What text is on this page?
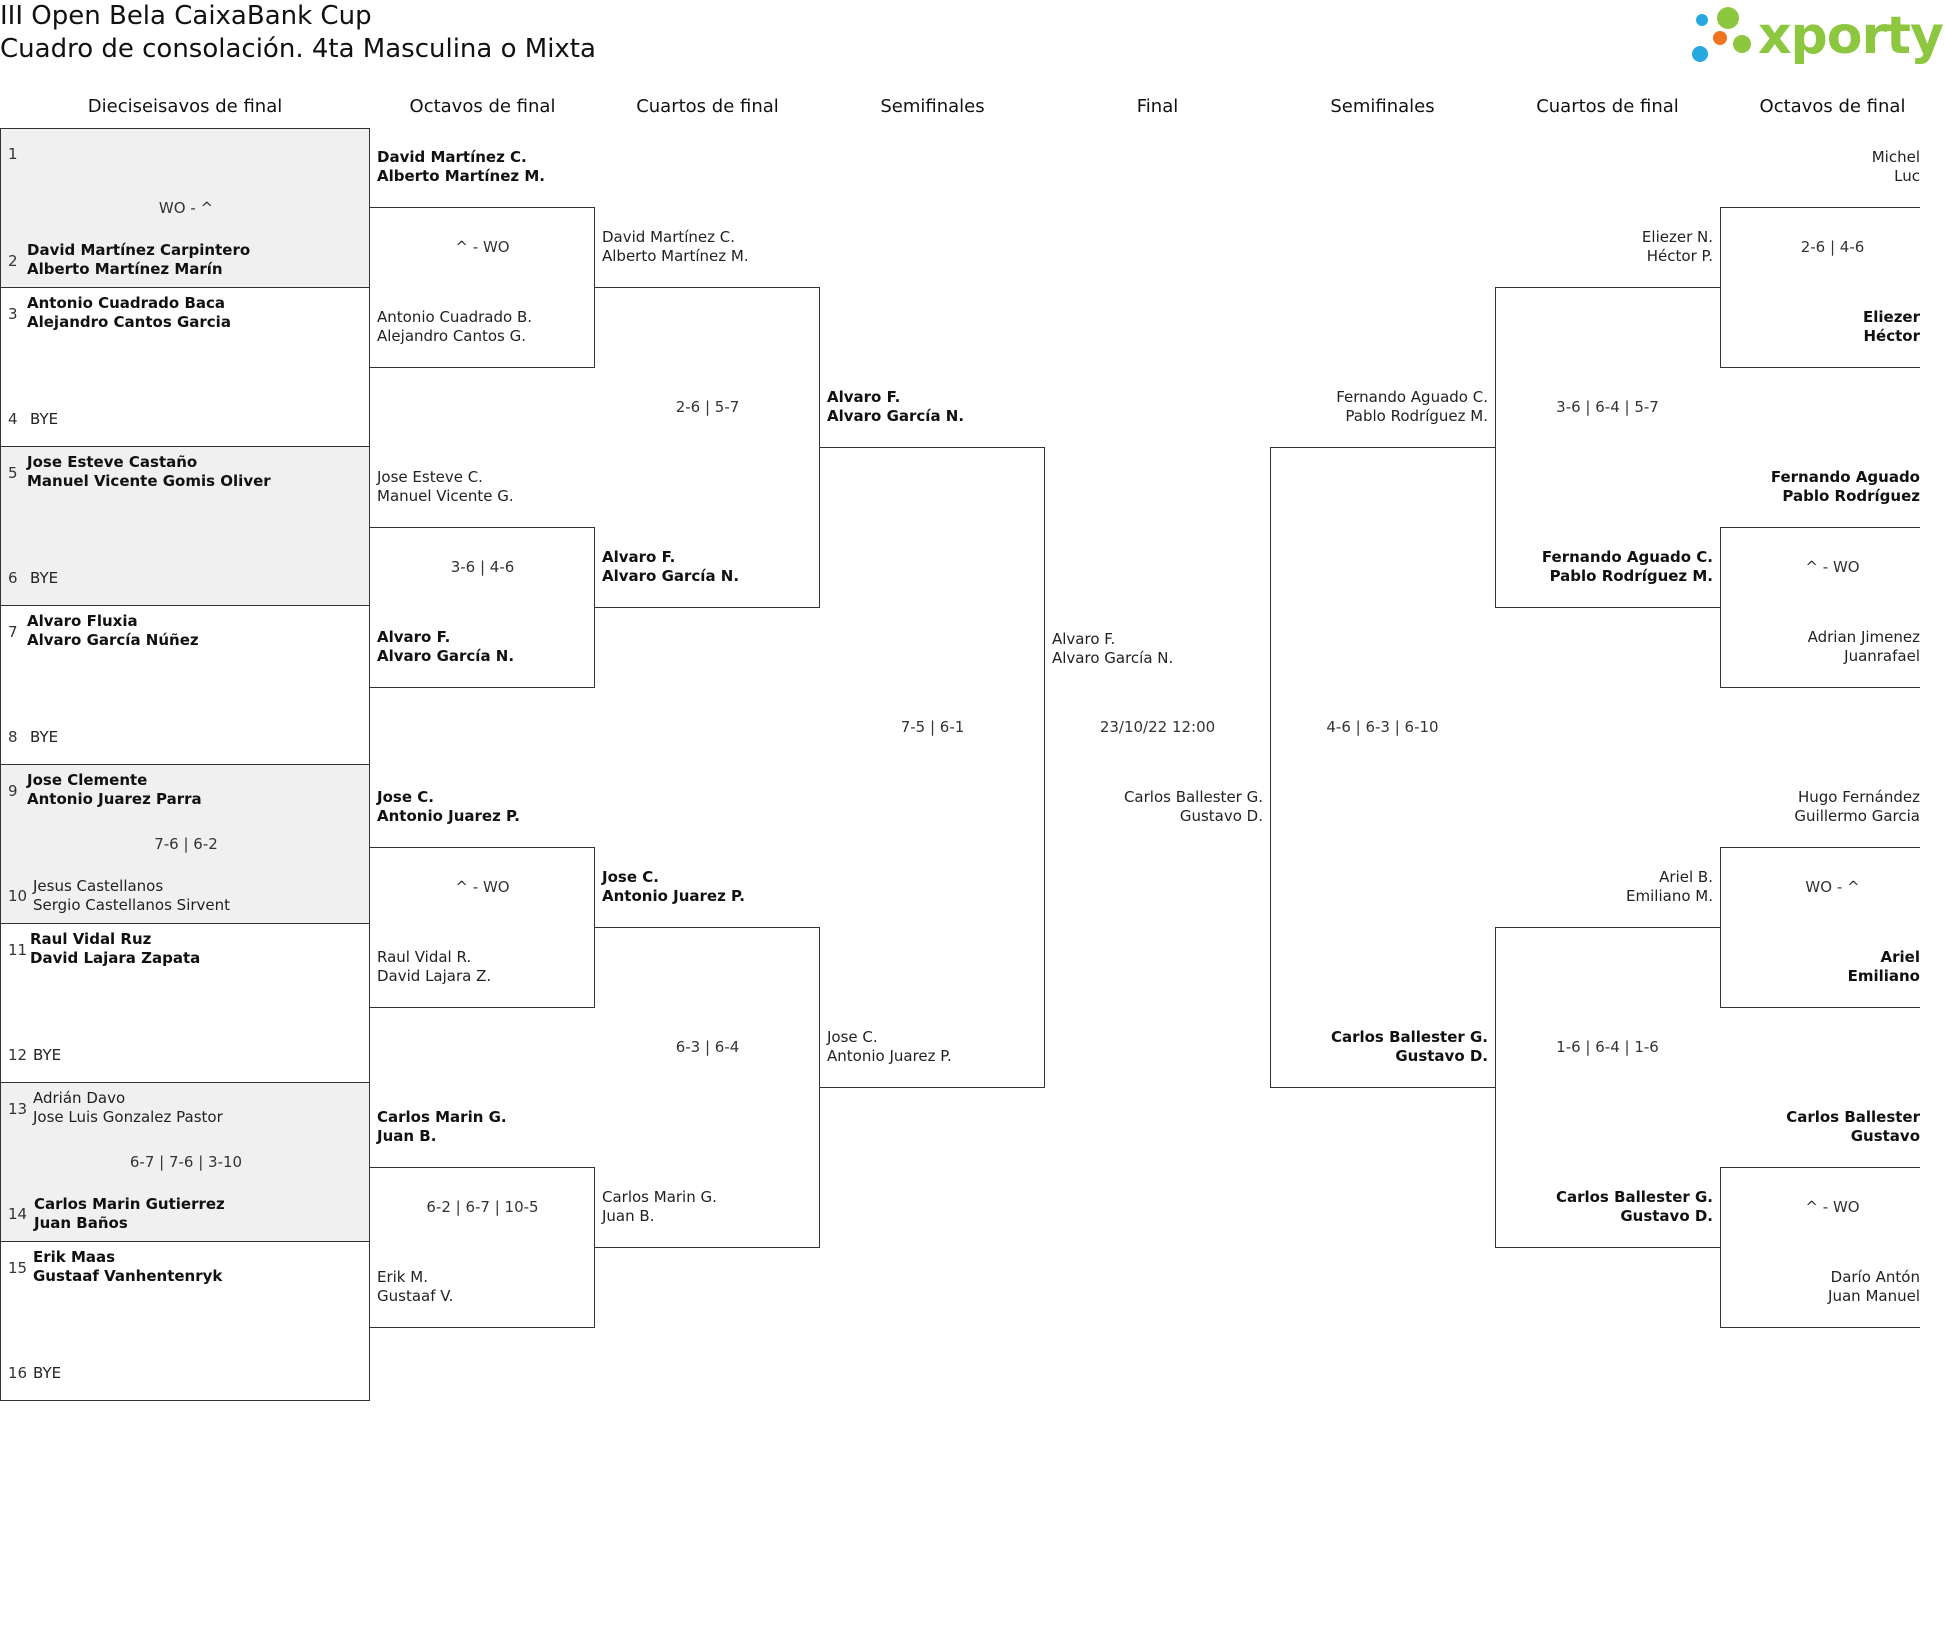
III Open Bela CaixaBank Cup
Cuadro de consolación. 4ta Masculina o Mixta	xporty
Dieciseisavos de final	Octavos de final	Cuartos de final	Semifinales	Final	Semifinales	Cuartos de final	Octavos de final
1
WO - ^
2
David Martínez Carpintero
Alberto Martínez Marín
3
Antonio Cuadrado Baca
Alejandro Cantos Garcia
4 BYE
5
Jose Esteve Castaño
Manuel Vicente Gomis Oliver
6 BYE
7
Alvaro Fluxia
Alvaro García Núñez
8 BYE
9
Jose Clemente
Antonio Juarez Parra
7-6 | 6-2
10
Jesus Castellanos
Sergio Castellanos Sirvent
11
Raul Vidal Ruz
David Lajara Zapata
12 BYE
13
Adrián Davo
Jose Luis Gonzalez Pastor
6-7 | 7-6 | 3-10
14
Carlos Marin Gutierrez
Juan Baños
15
Erik Maas
Gustaaf Vanhentenryk
16 BYE
David Martínez C.
Alberto Martínez M.
^ - WO
Antonio Cuadrado B.
Alejandro Cantos G.
Jose Esteve C.
Manuel Vicente G.
3-6 | 4-6
Alvaro F.
Alvaro García N.
Jose C.
Antonio Juarez P.
^ - WO
Raul Vidal R.
David Lajara Z.
Carlos Marin G.
Juan B.
6-2 | 6-7 | 10-5
Erik M.
Gustaaf V.
David Martínez C.
Alberto Martínez M.
2-6 | 5-7
Alvaro F.
Alvaro García N.
Jose C.
Antonio Juarez P.
6-3 | 6-4
Carlos Marin G.
Juan B.
Alvaro F.
Alvaro García N.
7-5 | 6-1
Jose C.
Antonio Juarez P.
Alvaro F.
Alvaro García N.
23/10/22 12:00
Carlos Ballester G.
Gustavo D.
Fernando Aguado C.
Pablo Rodríguez M.
4-6 | 6-3 | 6-10
Carlos Ballester G.
Gustavo D.
Eliezer N.
Héctor P.
3-6 | 6-4 | 5-7
Fernando Aguado C.
Pablo Rodríguez M.
Ariel B.
Emiliano M.
1-6 | 6-4 | 1-6
Carlos Ballester G.
Gustavo D.
Michel
Luc
2-6 | 4-6
Eliezer
Héctor
Fernando Aguado
Pablo Rodríguez
^ - WO
Adrian Jimenez
Juanrafael
Hugo Fernández
Guillermo Garcia
WO - ^
Ariel
Emiliano
Carlos Ballester
Gustavo
^ - WO
Darío Antón
Juan Manuel
